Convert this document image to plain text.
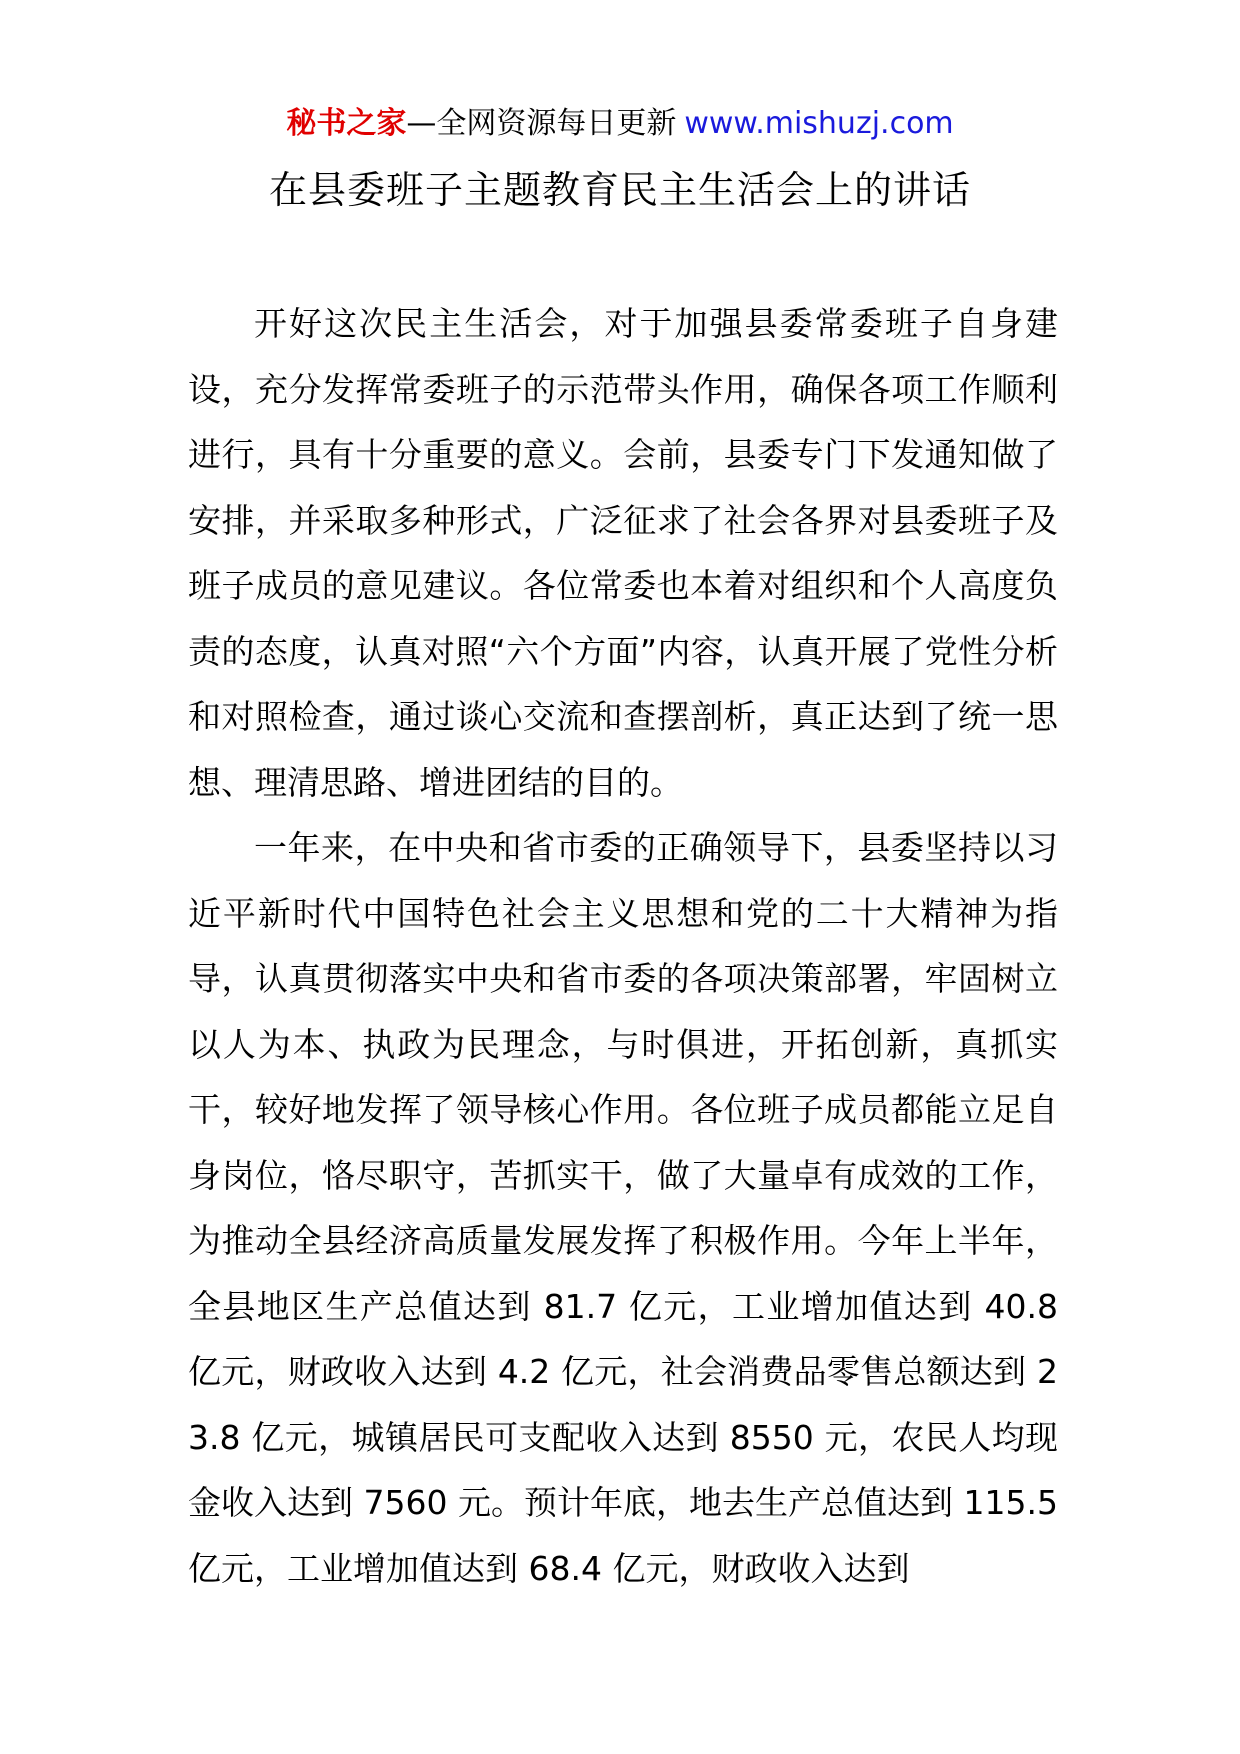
秘书之家—全网资源每日更新 www.mishuzj.com
在县委班子主题教育民主生活会上的讲话

开好这次民主生活会，对于加强县委常委班子自身建设，充分发挥常委班子的示范带头作用，确保各项工作顺利进行，具有十分重要的意义。会前，县委专门下发通知做了安排，并采取多种形式，广泛征求了社会各界对县委班子及班子成员的意见建议。各位常委也本着对组织和个人高度负责的态度，认真对照“六个方面”内容，认真开展了党性分析和对照检查，通过谈心交流和查摆剖析，真正达到了统一思想、理清思路、增进团结的目的。

一年来，在中央和省市委的正确领导下，县委坚持以习近平新时代中国特色社会主义思想和党的二十大精神为指导，认真贯彻落实中央和省市委的各项决策部署，牢固树立以人为本、执政为民理念，与时俱进，开拓创新，真抓实干，较好地发挥了领导核心作用。各位班子成员都能立足自身岗位，恪尽职守，苦抓实干，做了大量卓有成效的工作，为推动全县经济高质量发展发挥了积极作用。今年上半年，全县地区生产总值达到 81.7 亿元，工业增加值达到 40.8 亿元，财政收入达到 4.2 亿元，社会消费品零售总额达到 23.8 亿元，城镇居民可支配收入达到 8550 元，农民人均现金收入达到 7560 元。预计年底，地去生产总值达到 115.5 亿元，工业增加值达到 68.4 亿元，财政收入达到
